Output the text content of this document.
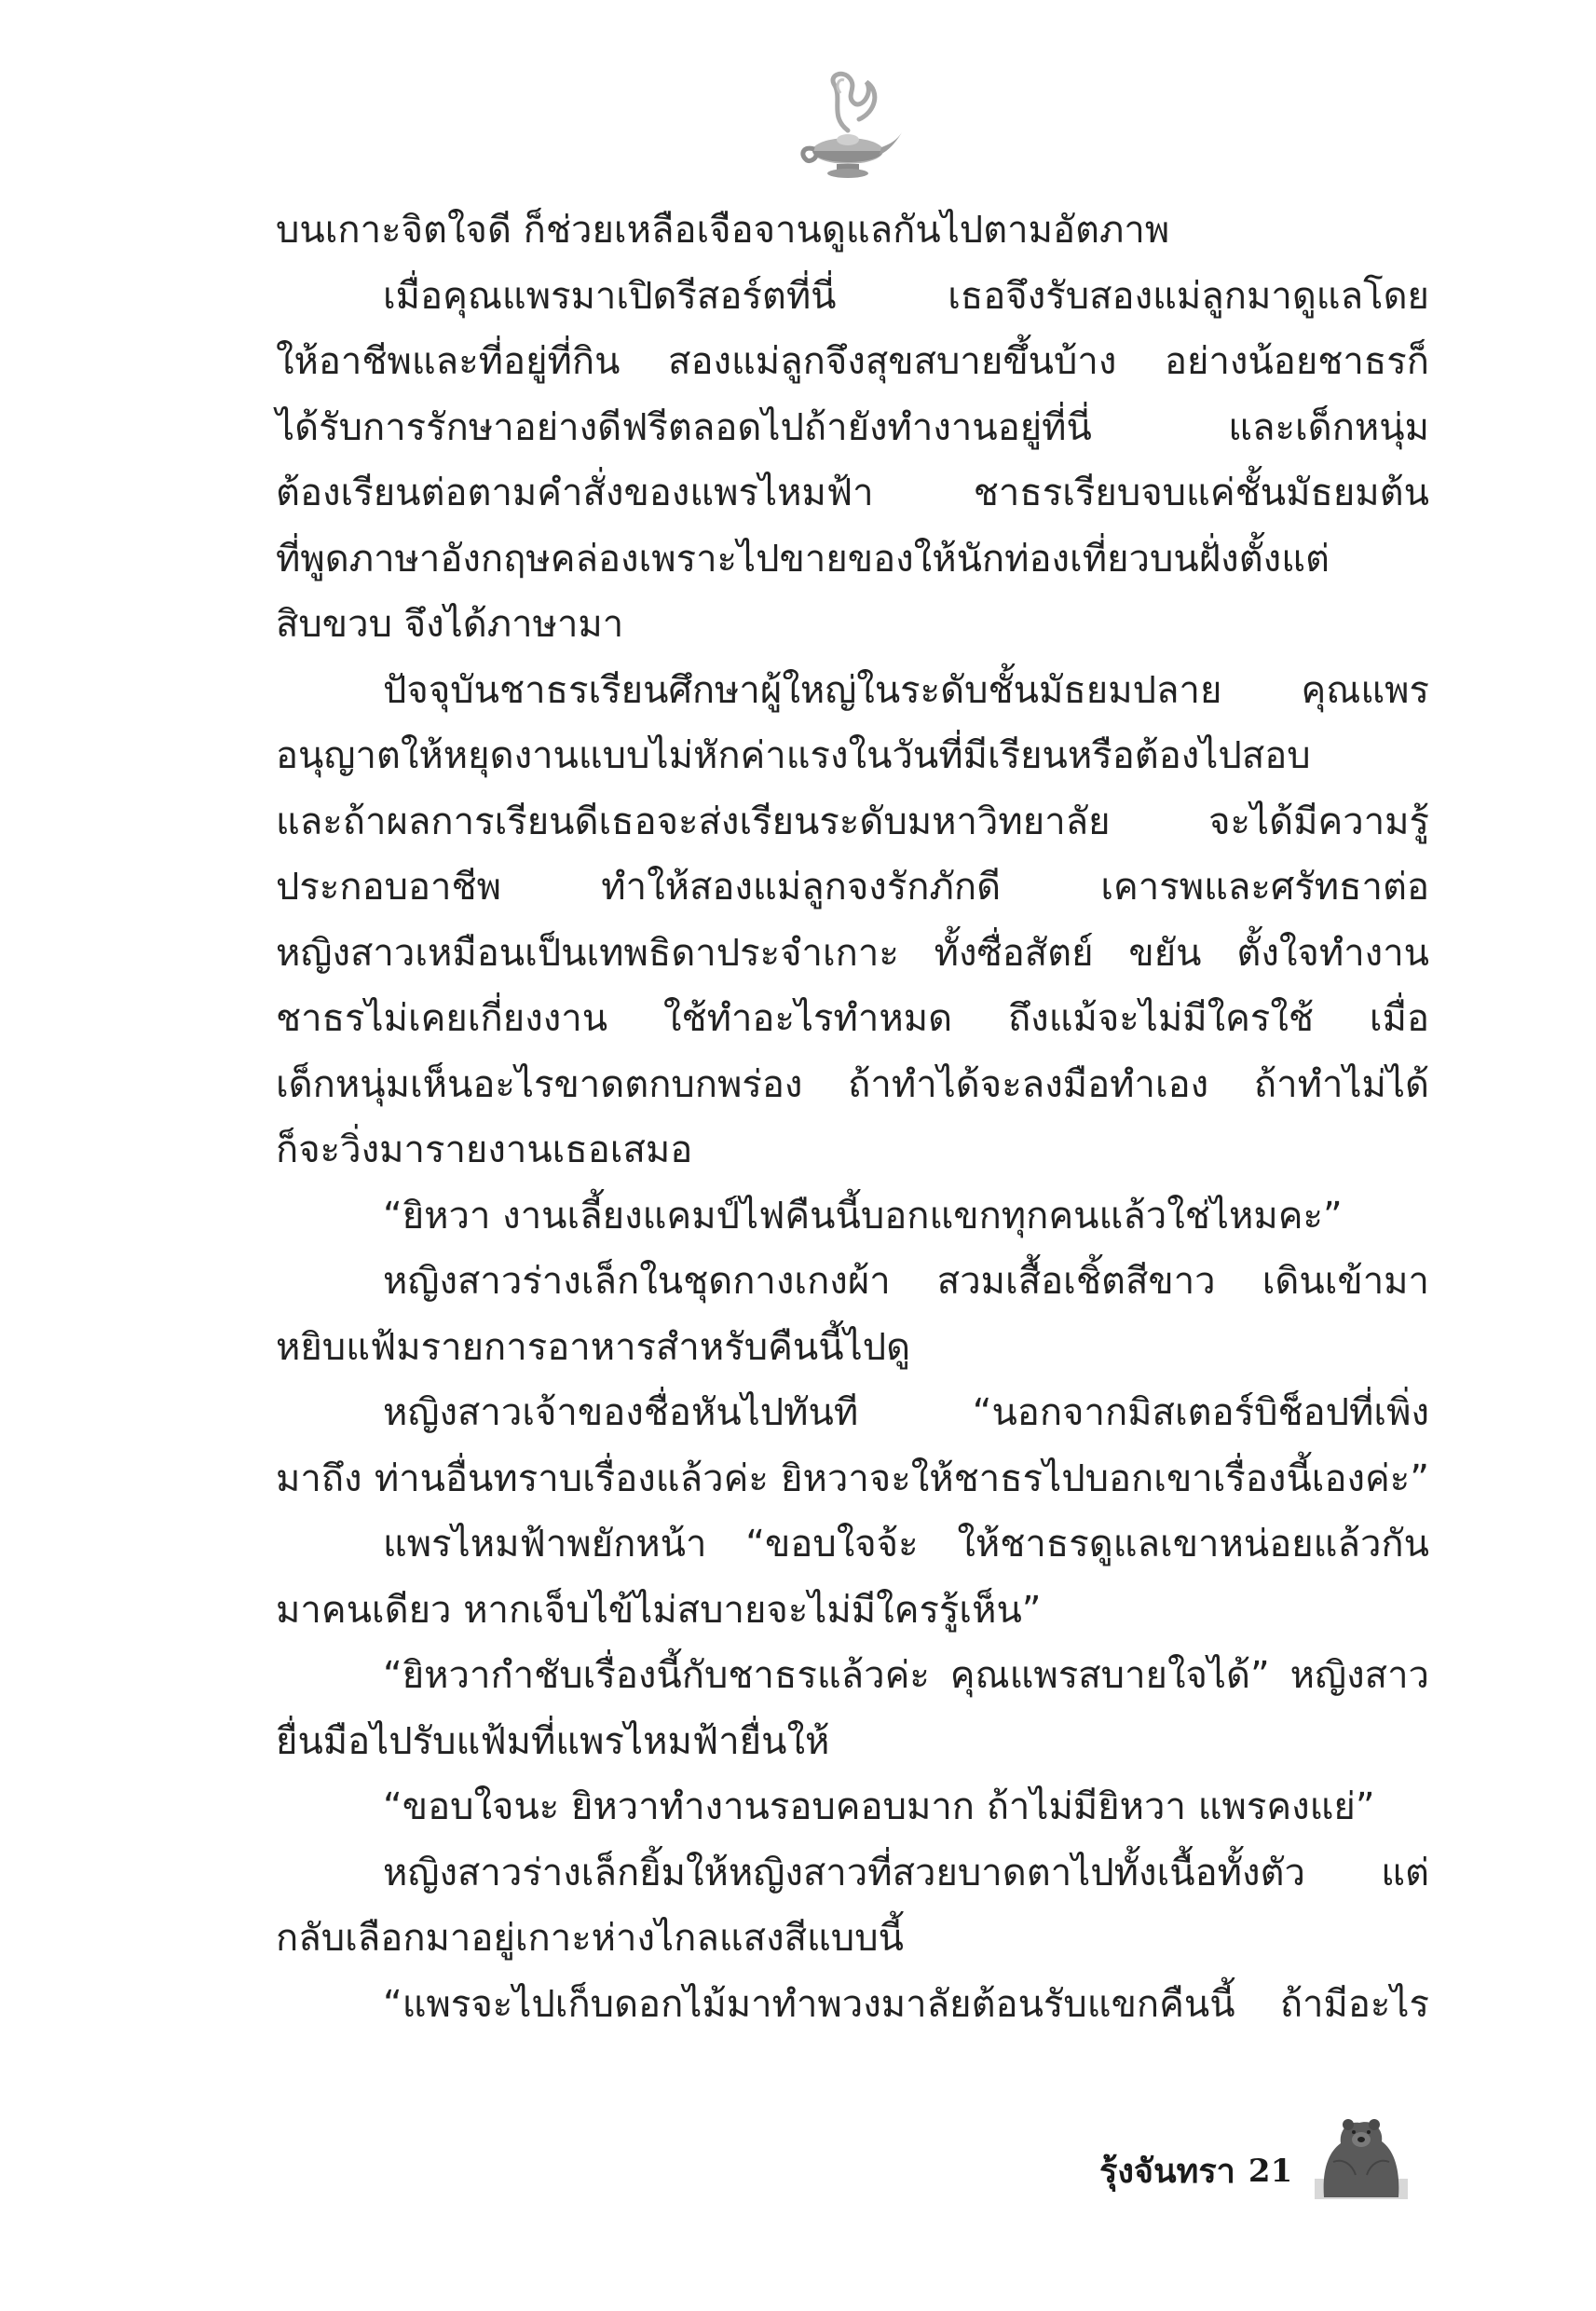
บนเกาะจิตใจดี ก็ช่วยเหลือเจือจานดูแลกันไปตามอัตภาพ
เมื่อคุณแพรมาเปิดรีสอร์ตที่นี่ เธอจึงรับสองแม่ลูกมาดูแลโดย
ให้อาชีพและที่อยู่ที่กิน สองแม่ลูกจึงสุขสบายขึ้นบ้าง อย่างน้อยชาธรก็
ได้รับการรักษาอย่างดีฟรีตลอดไปถ้ายังทำงานอยู่ที่นี่ และเด็กหนุ่ม
ต้องเรียนต่อตามคำสั่งของแพรไหมฟ้า ชาธรเรียบจบแค่ชั้นมัธยมต้น
ที่พูดภาษาอังกฤษคล่องเพราะไปขายของให้นักท่องเที่ยวบนฝั่งตั้งแต่
สิบขวบ จึงได้ภาษามา
ปัจจุบันชาธรเรียนศึกษาผู้ใหญ่ในระดับชั้นมัธยมปลาย คุณแพร
อนุญาตให้หยุดงานแบบไม่หักค่าแรงในวันที่มีเรียนหรือต้องไปสอบ
และถ้าผลการเรียนดีเธอจะส่งเรียนระดับมหาวิทยาลัย จะได้มีความรู้
ประกอบอาชีพ ทำให้สองแม่ลูกจงรักภักดี เคารพและศรัทธาต่อ
หญิงสาวเหมือนเป็นเทพธิดาประจำเกาะ ทั้งซื่อสัตย์ ขยัน ตั้งใจทำงาน
ชาธรไม่เคยเกี่ยงงาน ใช้ทำอะไรทำหมด ถึงแม้จะไม่มีใครใช้ เมื่อ
เด็กหนุ่มเห็นอะไรขาดตกบกพร่อง ถ้าทำได้จะลงมือทำเอง ถ้าทำไม่ได้
ก็จะวิ่งมารายงานเธอเสมอ
“ยิหวา งานเลี้ยงแคมป์ไฟคืนนี้บอกแขกทุกคนแล้วใช่ไหมคะ”
หญิงสาวร่างเล็กในชุดกางเกงผ้า สวมเสื้อเชิ้ตสีขาว เดินเข้ามา
หยิบแฟ้มรายการอาหารสำหรับคืนนี้ไปดู
หญิงสาวเจ้าของชื่อหันไปทันที “นอกจากมิสเตอร์บิช็อปที่เพิ่ง
มาถึง ท่านอื่นทราบเรื่องแล้วค่ะ ยิหวาจะให้ชาธรไปบอกเขาเรื่องนี้เองค่ะ”
แพรไหมฟ้าพยักหน้า “ขอบใจจ้ะ ให้ชาธรดูแลเขาหน่อยแล้วกัน
มาคนเดียว หากเจ็บไข้ไม่สบายจะไม่มีใครรู้เห็น”
“ยิหวากำชับเรื่องนี้กับชาธรแล้วค่ะ คุณแพรสบายใจได้” หญิงสาว
ยื่นมือไปรับแฟ้มที่แพรไหมฟ้ายื่นให้
“ขอบใจนะ ยิหวาทำงานรอบคอบมาก ถ้าไม่มียิหวา แพรคงแย่”
หญิงสาวร่างเล็กยิ้มให้หญิงสาวที่สวยบาดตาไปทั้งเนื้อทั้งตัว แต่
กลับเลือกมาอยู่เกาะห่างไกลแสงสีแบบนี้
“แพรจะไปเก็บดอกไม้มาทำพวงมาลัยต้อนรับแขกคืนนี้ ถ้ามีอะไร
รุ้งจันทรา 21
